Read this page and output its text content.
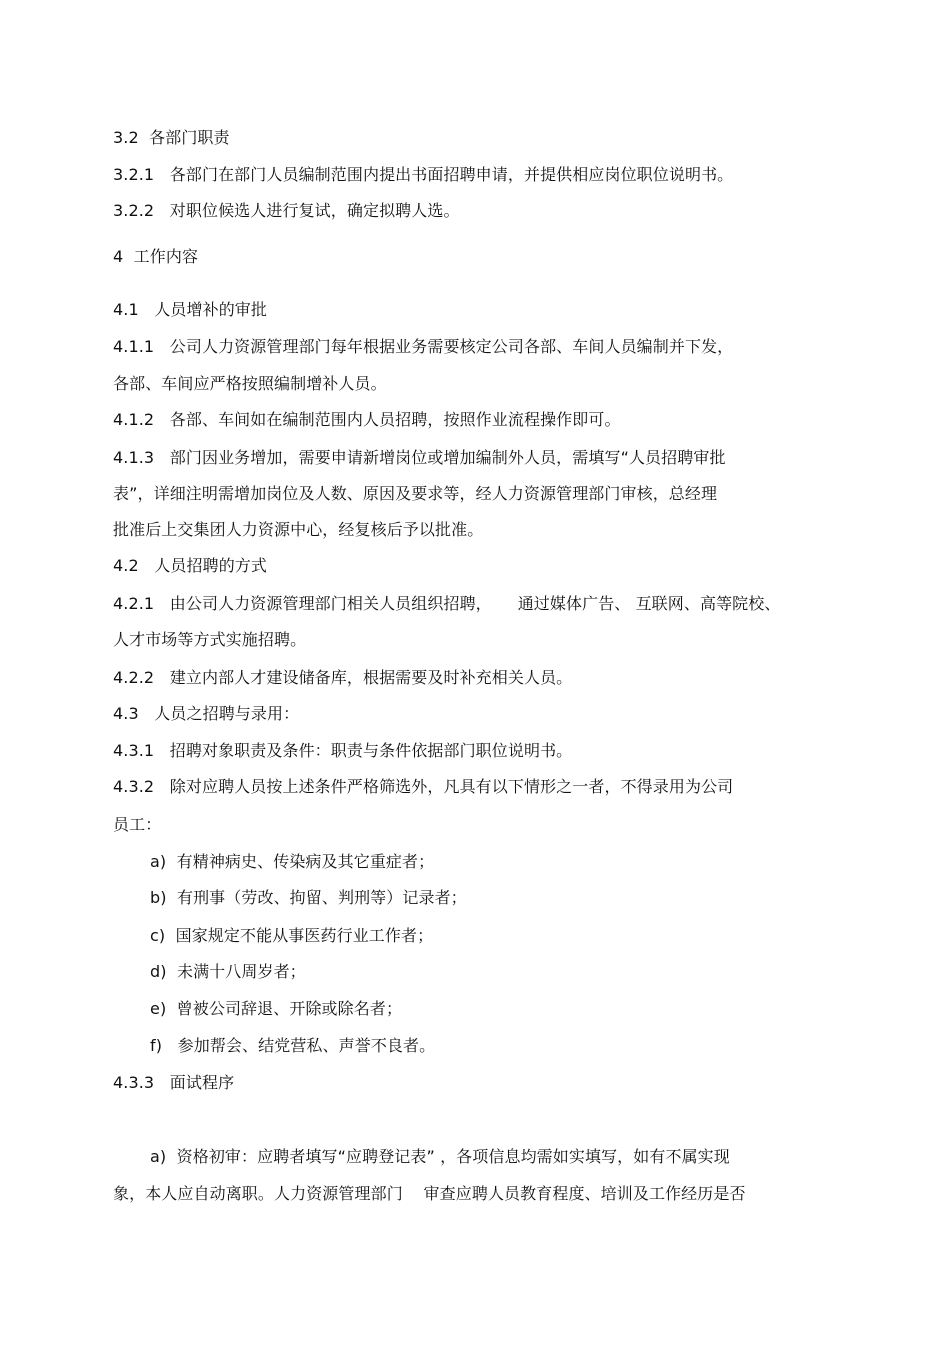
3.2  各部门职责
3.2.1   各部门在部门人员编制范围内提出书面招聘申请，并提供相应岗位职位说明书。
3.2.2   对职位候选人进行复试，确定拟聘人选。
4  工作内容
4.1   人员增补的审批
4.1.1   公司人力资源管理部门每年根据业务需要核定公司各部、车间人员编制并下发，
各部、车间应严格按照编制增补人员。
4.1.2   各部、车间如在编制范围内人员招聘，按照作业流程操作即可。
4.1.3   部门因业务增加，需要申请新增岗位或增加编制外人员，需填写“人员招聘审批
表”，详细注明需增加岗位及人数、原因及要求等，经人力资源管理部门审核，总经理
批准后上交集团人力资源中心，经复核后予以批准。
4.2   人员招聘的方式
4.2.1   由公司人力资源管理部门相关人员组织招聘，     通过媒体广告、 互联网、高等院校、
人才市场等方式实施招聘。
4.2.2   建立内部人才建设储备库，根据需要及时补充相关人员。
4.3   人员之招聘与录用：
4.3.1   招聘对象职责及条件：职责与条件依据部门职位说明书。
4.3.2   除对应聘人员按上述条件严格筛选外，凡具有以下情形之一者，不得录用为公司
员工：
a)  有精神病史、传染病及其它重症者；
b)  有刑事（劳改、拘留、判刑等）记录者；
c)  国家规定不能从事医药行业工作者；
d)  未满十八周岁者；
e)  曾被公司辞退、开除或除名者；
f)   参加帮会、结党营私、声誉不良者。
4.3.3   面试程序
a)  资格初审：应聘者填写“应聘登记表” ，各项信息均需如实填写，如有不属实现
象，本人应自动离职。人力资源管理部门    审查应聘人员教育程度、培训及工作经历是否
